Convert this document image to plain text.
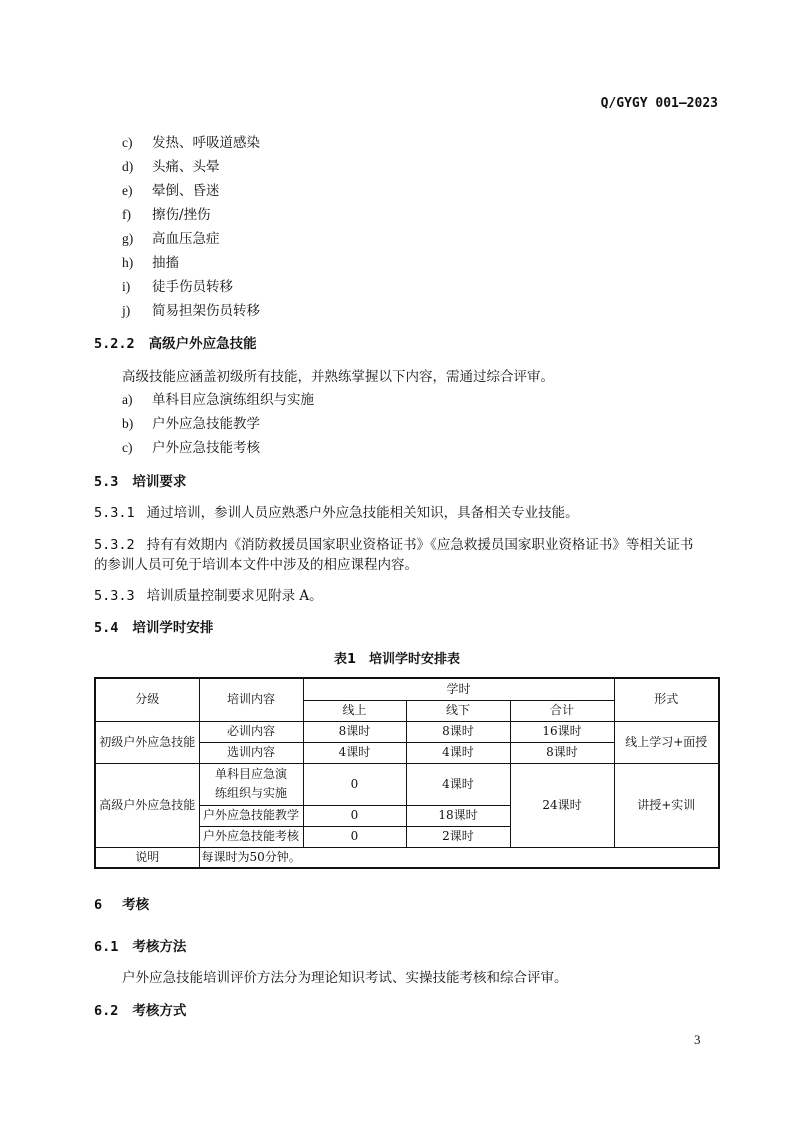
Q/GYGY 001—2023
c) 发热、呼吸道感染
d) 头痛、头晕
e) 晕倒、昏迷
f) 擦伤/挫伤
g) 高血压急症
h) 抽搐
i) 徒手伤员转移
j) 简易担架伤员转移
5.2.2 高级户外应急技能
高级技能应涵盖初级所有技能，并熟练掌握以下内容，需通过综合评审。
a) 单科目应急演练组织与实施
b) 户外应急技能教学
c) 户外应急技能考核
5.3 培训要求
5.3.1 通过培训，参训人员应熟悉户外应急技能相关知识，具备相关专业技能。
5.3.2 持有有效期内《消防救援员国家职业资格证书》《应急救援员国家职业资格证书》等相关证书
的参训人员可免于培训本文件中涉及的相应课程内容。
5.3.3 培训质量控制要求见附录 A。
5.4 培训学时安排
表1　培训学时安排表
分级	培训内容	学时			形式
		线上	线下	合计	
初级户外应急技能	必训内容	8课时	8课时	16课时	线上学习+面授
	选训内容	4课时	4课时	8课时	
高级户外应急技能	单科目应急演练组织与实施	0	4课时	24课时	讲授+实训
	户外应急技能教学	0	18课时		
	户外应急技能考核	0	2课时		
说明	每课时为50分钟。				
6 考核
6.1 考核方法
户外应急技能培训评价方法分为理论知识考试、实操技能考核和综合评审。
6.2 考核方式
3
